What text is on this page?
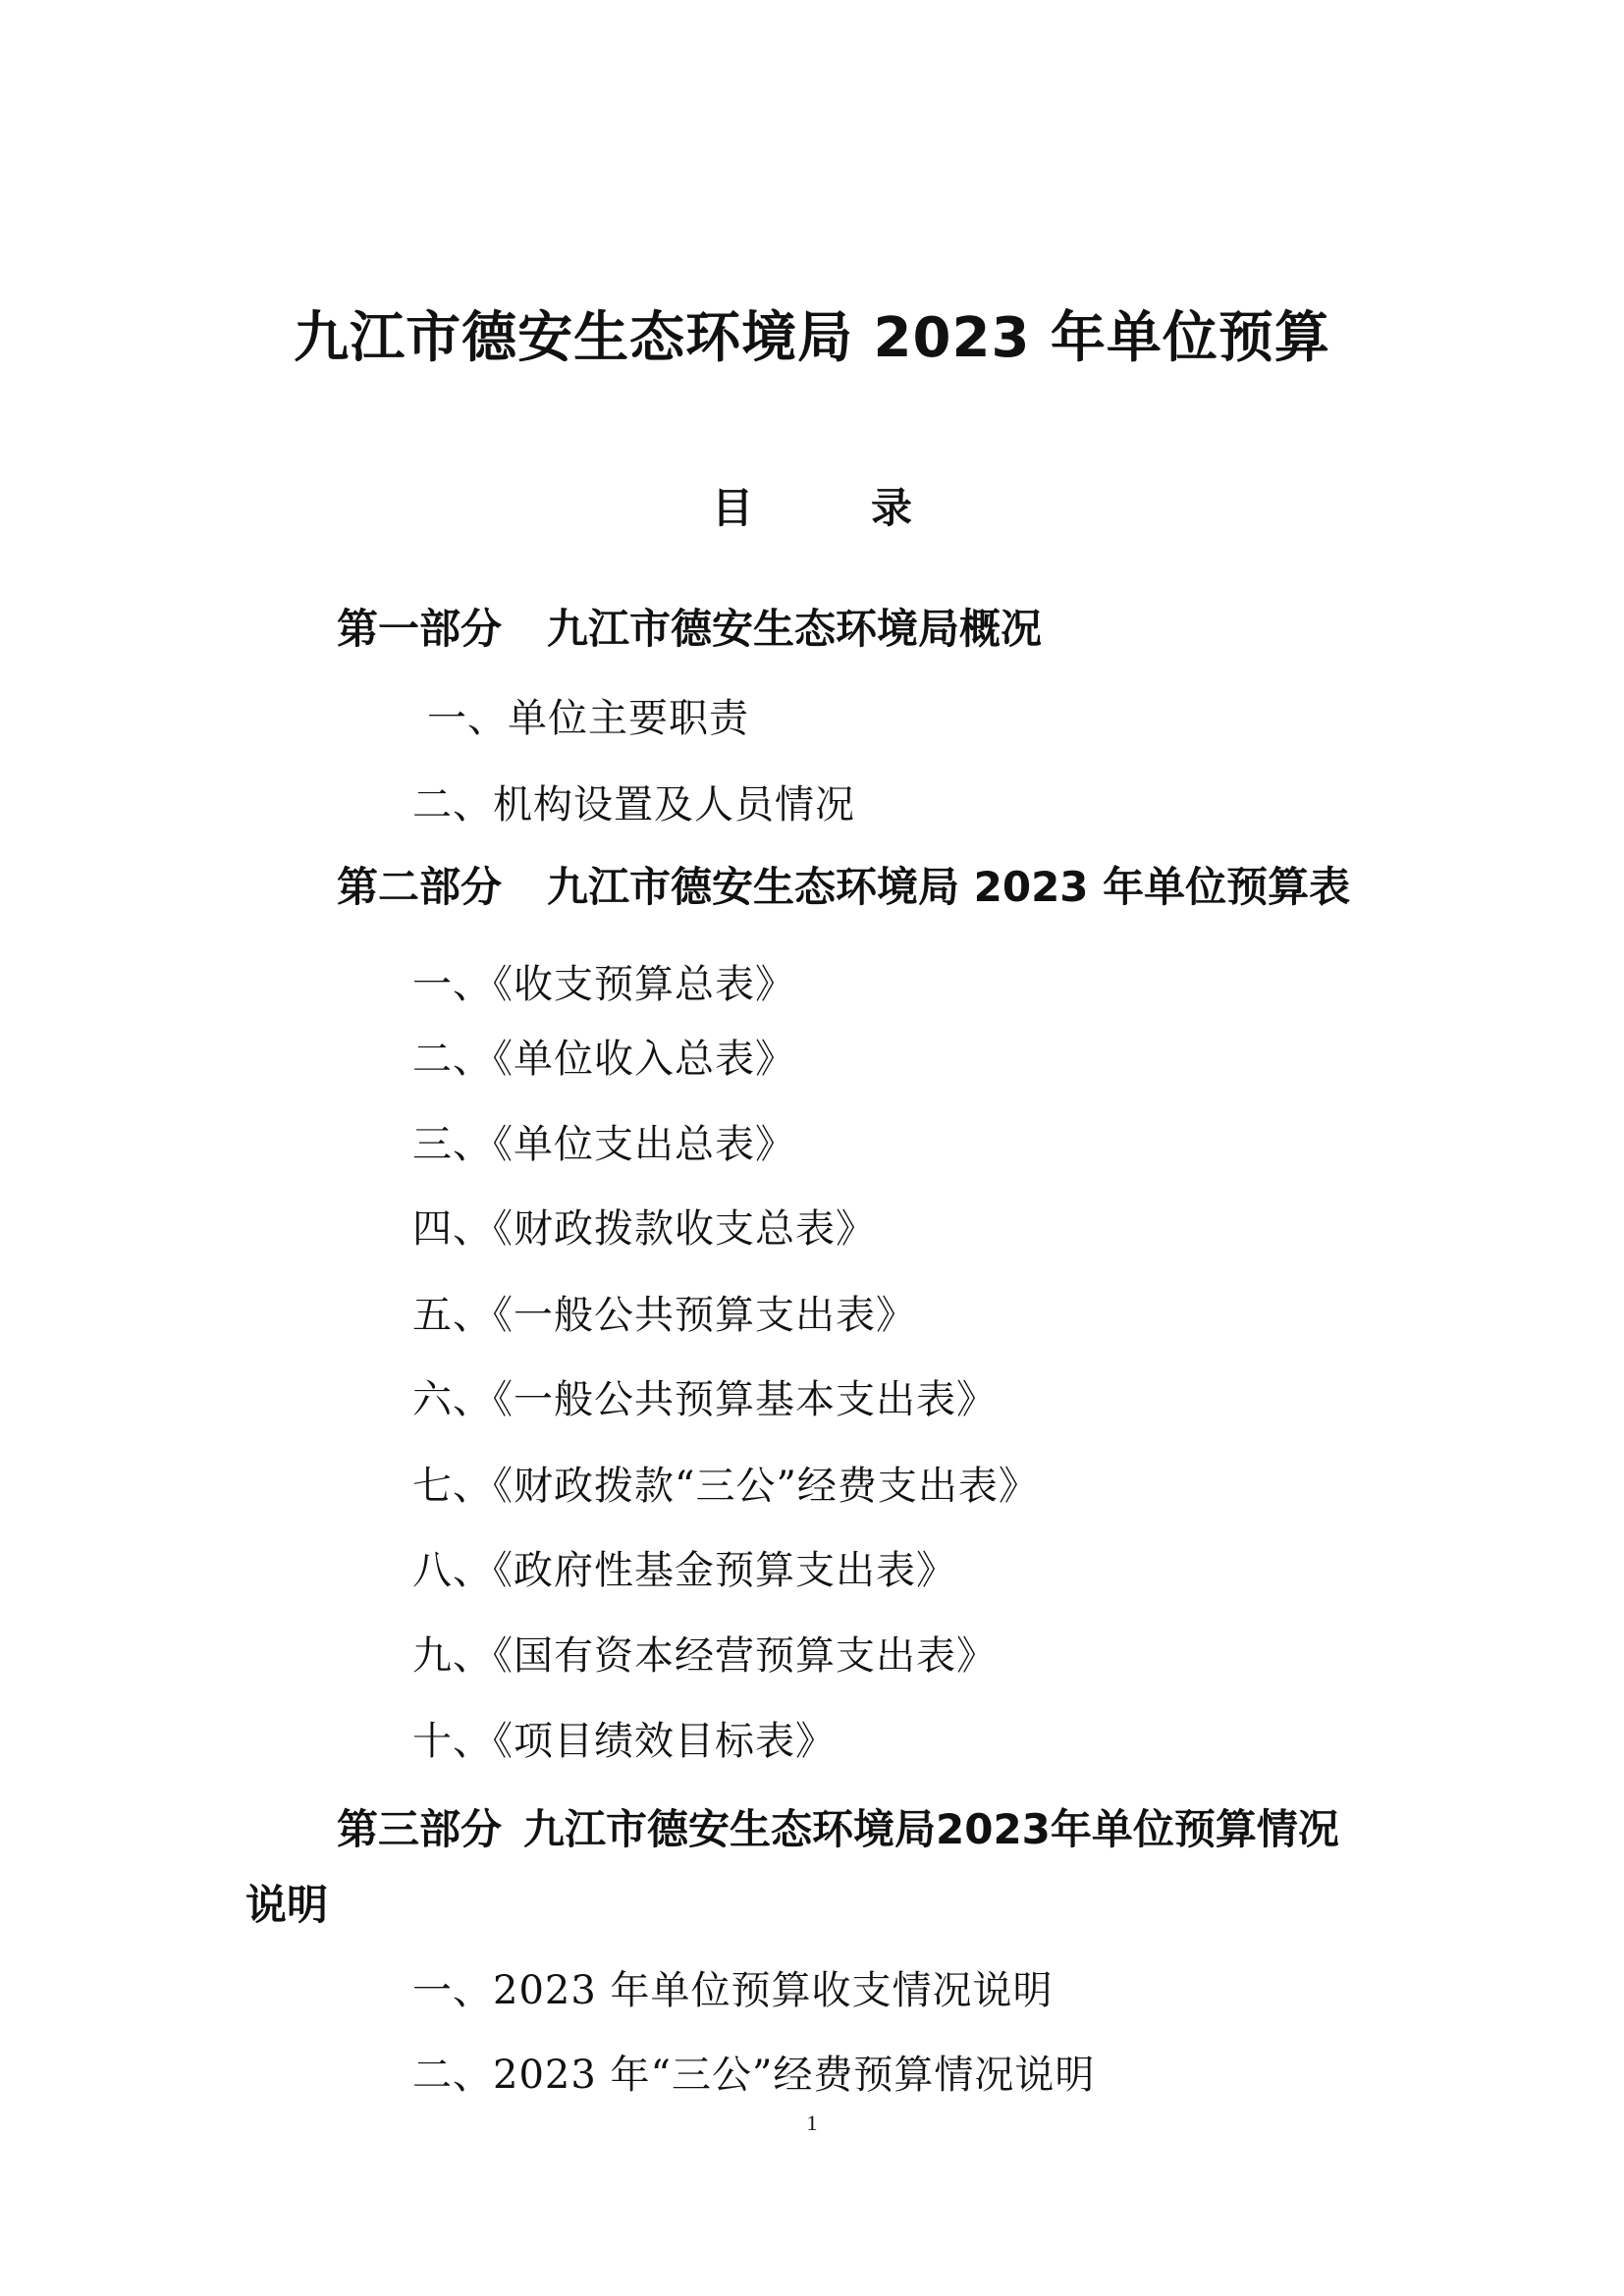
九江市德安生态环境局 2023 年单位预算
目	录
第一部分 九江市德安生态环境局概况
一、单位主要职责
二、机构设置及人员情况
第二部分 九江市德安生态环境局 2023 年单位预算表
一、《收支预算总表》
二、《单位收入总表》
三、《单位支出总表》
四、《财政拨款收支总表》
五、《一般公共预算支出表》
六、《一般公共预算基本支出表》
七、《财政拨款“三公”经费支出表》
八、《政府性基金预算支出表》
九、《国有资本经营预算支出表》
十、《项目绩效目标表》
第三部分 九江市德安生态环境局2023年单位预算情况
说明
一、2023 年单位预算收支情况说明
二、2023 年“三公”经费预算情况说明
1
